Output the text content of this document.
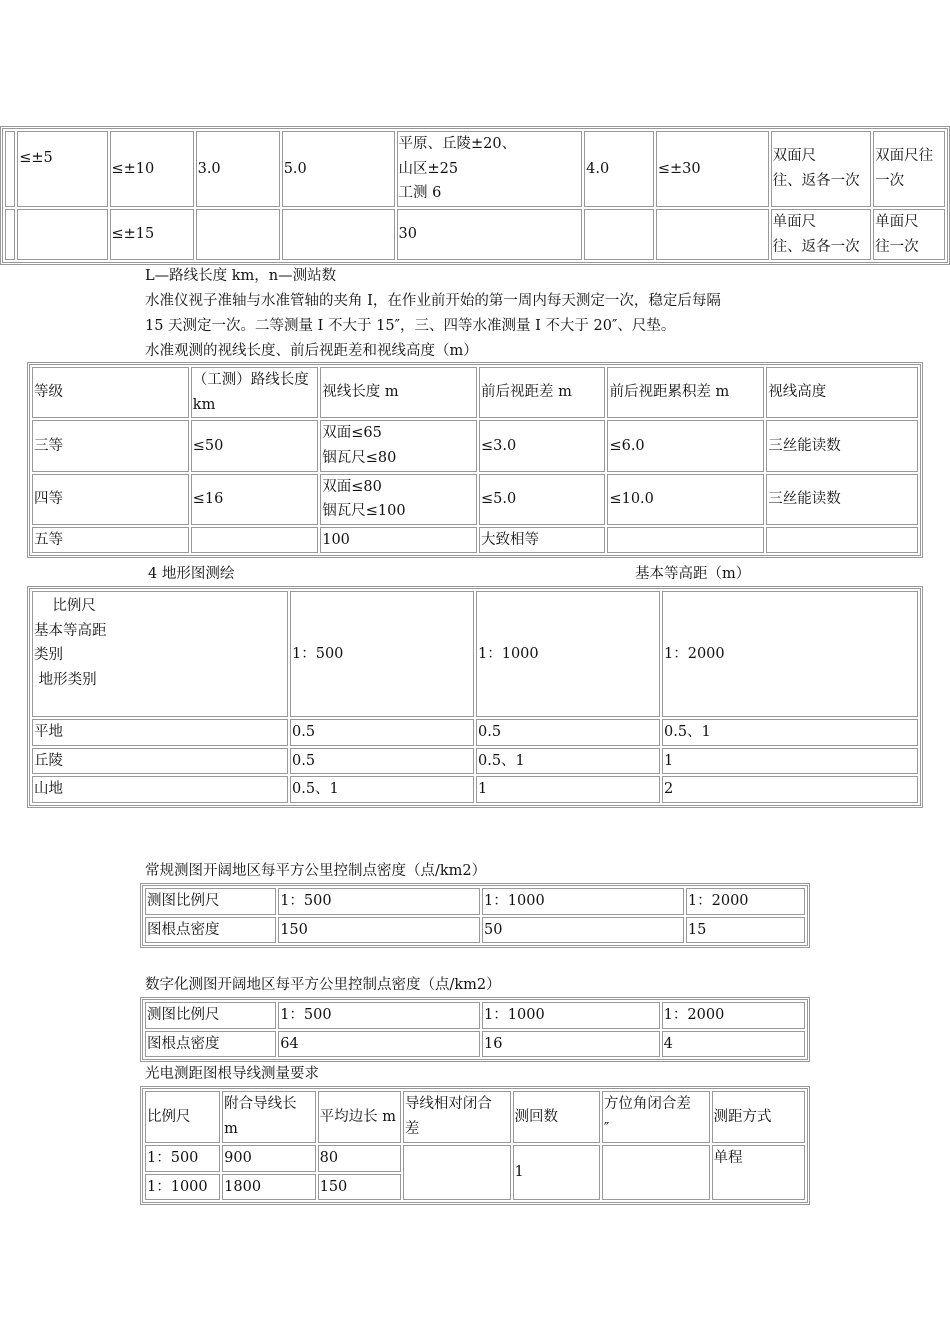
	≤±5	≤±10	3.0	5.0	平原、丘陵±20、
山区±25
工测 6	4.0	≤±30	双面尺
往、返各一次	双面尺往
一次
		≤±15			30			单面尺
往、返各一次	单面尺
往一次

L—路线长度 km，n—测站数

水准仪视子准轴与水准管轴的夹角 I，在作业前开始的第一周内每天测定一次，稳定后每隔

15 天测定一次。二等测量 I 不大于 15″，三、四等水准测量 I 不大于 20″、尺垫。

水准观测的视线长度、前后视距差和视线高度（m）

等级	（工测）路线长度
km	视线长度 m	前后视距差 m	前后视距累积差 m	视线高度
三等	≤50	双面≤65
铟瓦尺≤80	≤3.0	≤6.0	三丝能读数
四等	≤16	双面≤80
铟瓦尺≤100	≤5.0	≤10.0	三丝能读数
五等		100	大致相等		

4 地形图测绘	基本等高距（m）

比例尺
基本等高距
类别
地形类别	1：500	1：1000	1：2000
平地	0.5	0.5	0.5、1
丘陵	0.5	0.5、1	1
山地	0.5、1	1	2

常规测图开阔地区每平方公里控制点密度（点/km2）

测图比例尺	1：500	1：1000	1：2000
图根点密度	150	50	15

数字化测图开阔地区每平方公里控制点密度（点/km2）

测图比例尺	1：500	1：1000	1：2000
图根点密度	64	16	4

光电测距图根导线测量要求

比例尺	附合导线长
m	平均边长 m	导线相对闭合
差	测回数	方位角闭合差
″	测距方式
1：500	900	80		1		单程
1：1000	1800	150				
